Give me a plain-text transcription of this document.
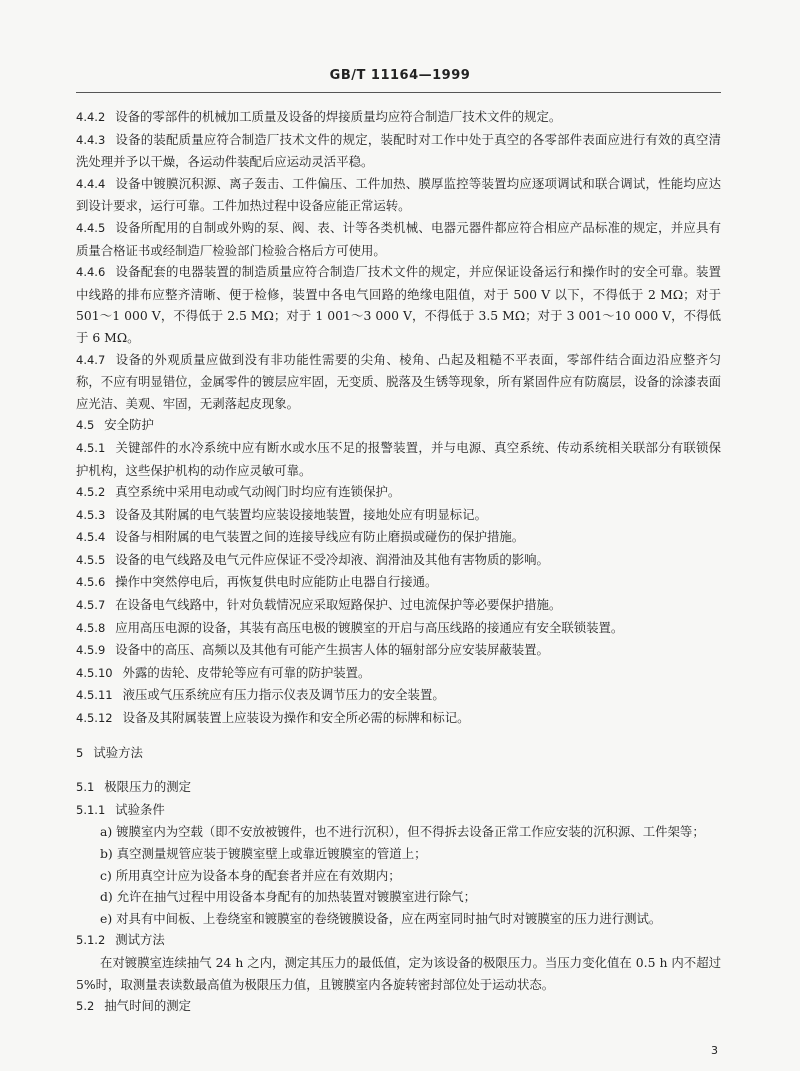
GB/T 11164—1999

4.4.2 设备的零部件的机械加工质量及设备的焊接质量均应符合制造厂技术文件的规定。

4.4.3 设备的装配质量应符合制造厂技术文件的规定，装配时对工作中处于真空的各零部件表面应进行有效的真空清洗处理并予以干燥，各运动件装配后应运动灵活平稳。

4.4.4 设备中镀膜沉积源、离子轰击、工件偏压、工件加热、膜厚监控等装置均应逐项调试和联合调试，性能均应达到设计要求，运行可靠。工件加热过程中设备应能正常运转。

4.4.5 设备所配用的自制或外购的泵、阀、表、计等各类机械、电器元器件都应符合相应产品标准的规定，并应具有质量合格证书或经制造厂检验部门检验合格后方可使用。

4.4.6 设备配套的电器装置的制造质量应符合制造厂技术文件的规定，并应保证设备运行和操作时的安全可靠。装置中线路的排布应整齐清晰、便于检修，装置中各电气回路的绝缘电阻值，对于 500 V 以下，不得低于 2 MΩ；对于 501～1 000 V，不得低于 2.5 MΩ；对于 1 001～3 000 V，不得低于 3.5 MΩ；对于 3 001～10 000 V，不得低于 6 MΩ。

4.4.7 设备的外观质量应做到没有非功能性需要的尖角、棱角、凸起及粗糙不平表面，零部件结合面边沿应整齐匀称，不应有明显错位，金属零件的镀层应牢固，无变质、脱落及生锈等现象，所有紧固件应有防腐层，设备的涂漆表面应光洁、美观、牢固，无剥落起皮现象。

4.5 安全防护

4.5.1 关键部件的水冷系统中应有断水或水压不足的报警装置，并与电源、真空系统、传动系统相关联部分有联锁保护机构，这些保护机构的动作应灵敏可靠。

4.5.2 真空系统中采用电动或气动阀门时均应有连锁保护。

4.5.3 设备及其附属的电气装置均应装设接地装置，接地处应有明显标记。

4.5.4 设备与相附属的电气装置之间的连接导线应有防止磨损或碰伤的保护措施。

4.5.5 设备的电气线路及电气元件应保证不受冷却液、润滑油及其他有害物质的影响。

4.5.6 操作中突然停电后，再恢复供电时应能防止电器自行接通。

4.5.7 在设备电气线路中，针对负载情况应采取短路保护、过电流保护等必要保护措施。

4.5.8 应用高压电源的设备，其装有高压电极的镀膜室的开启与高压线路的接通应有安全联锁装置。

4.5.9 设备中的高压、高频以及其他有可能产生损害人体的辐射部分应安装屏蔽装置。

4.5.10 外露的齿轮、皮带轮等应有可靠的防护装置。

4.5.11 液压或气压系统应有压力指示仪表及调节压力的安全装置。

4.5.12 设备及其附属装置上应装设为操作和安全所必需的标牌和标记。

5 试验方法

5.1 极限压力的测定

5.1.1 试验条件

a) 镀膜室内为空载（即不安放被镀件，也不进行沉积），但不得拆去设备正常工作应安装的沉积源、工件架等；

b) 真空测量规管应装于镀膜室壁上或靠近镀膜室的管道上；

c) 所用真空计应为设备本身的配套者并应在有效期内；

d) 允许在抽气过程中用设备本身配有的加热装置对镀膜室进行除气；

e) 对具有中间板、上卷绕室和镀膜室的卷绕镀膜设备，应在两室同时抽气时对镀膜室的压力进行测试。

5.1.2 测试方法

在对镀膜室连续抽气 24 h 之内，测定其压力的最低值，定为该设备的极限压力。当压力变化值在 0.5 h 内不超过 5%时，取测量表读数最高值为极限压力值，且镀膜室内各旋转密封部位处于运动状态。

5.2 抽气时间的测定

3
